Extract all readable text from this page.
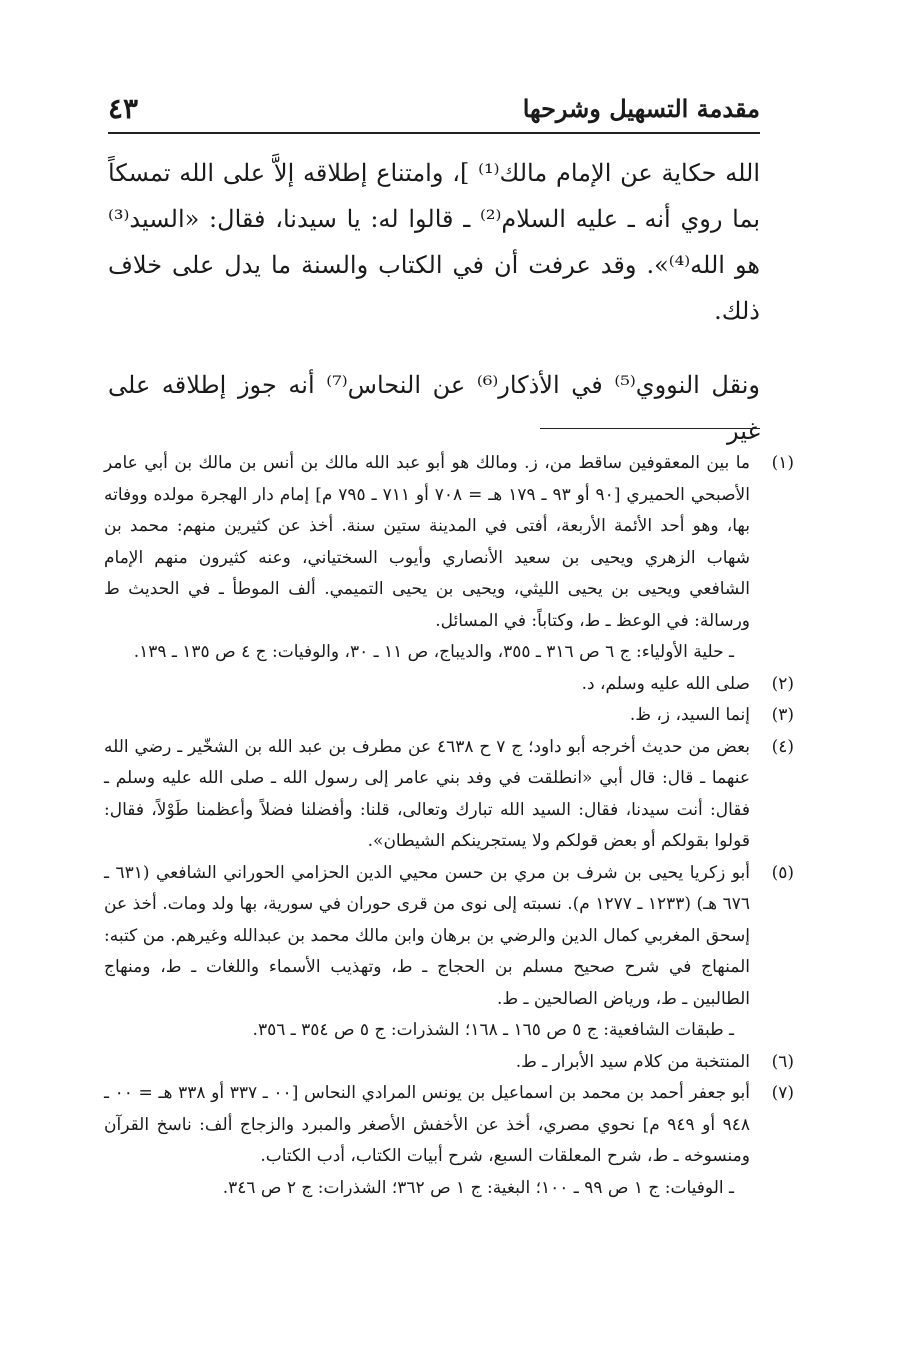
٤٣	مقدمة التسهيل وشرحها

الله حكاية عن الإمام مالك⁽¹⁾ ]، وامتناع إطلاقه إلاَّ على الله تمسكاً بما روي أنه ـ عليه السلام⁽²⁾ ـ قالوا له: يا سيدنا، فقال: «السيد⁽³⁾ هو الله⁽⁴⁾». وقد عرفت أن في الكتاب والسنة ما يدل على خلاف ذلك.

ونقل النووي⁽⁵⁾ في الأذكار⁽⁶⁾ عن النحاس⁽⁷⁾ أنه جوز إطلاقه على غير

(١)
ما بين المعقوفين ساقط من، ز. ومالك هو أبو عبد الله مالك بن أنس بن مالك بن أبي عامر الأصبحي الحميري [٩٠ أو ٩٣ ـ ١٧٩ هـ = ٧٠٨ أو ٧١١ ـ ٧٩٥ م] إمام دار الهجرة مولده ووفاته بها، وهو أحد الأئمة الأربعة، أفتى في المدينة ستين سنة. أخذ عن كثيرين منهم: محمد بن شهاب الزهري ويحيى بن سعيد الأنصاري وأيوب السختياني، وعنه كثيرون منهم الإمام الشافعي ويحيى بن يحيى الليثي، ويحيى بن يحيى التميمي. ألف الموطأ ـ في الحديث ط ورسالة: في الوعظ ـ ط، وكتاباً: في المسائل.
ـ حلية الأولياء: ج ٦ ص ٣١٦ ـ ٣٥٥، والديباج، ص ١١ ـ ٣٠، والوفيات: ج ٤ ص ١٣٥ ـ ١٣٩.
(٢)
صلى الله عليه وسلم، د.
(٣)
إنما السيد، ز، ظ.
(٤)
بعض من حديث أخرجه أبو داود؛ ج ٧ ح ٤٦٣٨ عن مطرف بن عبد الله بن الشخّير ـ رضي الله عنهما ـ قال: قال أبي «انطلقت في وفد بني عامر إلى رسول الله ـ صلى الله عليه وسلم ـ فقال: أنت سيدنا، فقال: السيد الله تبارك وتعالى، قلنا: وأفضلنا فضلاً وأعظمنا طَوْلاً، فقال: قولوا بقولكم أو بعض قولكم ولا يستجرينكم الشيطان».
(٥)
أبو زكريا يحيى بن شرف بن مري بن حسن محيي الدين الحزامي الحوراني الشافعي (٦٣١ ـ ٦٧٦ هـ) (١٢٣٣ ـ ١٢٧٧ م). نسبته إلى نوى من قرى حوران في سورية، بها ولد ومات. أخذ عن إسحق المغربي كمال الدين والرضي بن برهان وابن مالك محمد بن عبدالله وغيرهم. من كتبه: المنهاج في شرح صحيح مسلم بن الحجاج ـ ط، وتهذيب الأسماء واللغات ـ ط، ومنهاج الطالبين ـ ط، ورياض الصالحين ـ ط.
ـ طبقات الشافعية: ج ٥ ص ١٦٥ ـ ١٦٨؛ الشذرات: ج ٥ ص ٣٥٤ ـ ٣٥٦.
(٦)
المنتخبة من كلام سيد الأبرار ـ ط.
(٧)
أبو جعفر أحمد بن محمد بن اسماعيل بن يونس المرادي النحاس [٠٠ ـ ٣٣٧ أو ٣٣٨ هـ = ٠٠ ـ ٩٤٨ أو ٩٤٩ م] نحوي مصري، أخذ عن الأخفش الأصغر والمبرد والزجاج ألف: ناسخ القرآن ومنسوخه ـ ط، شرح المعلقات السبع، شرح أبيات الكتاب، أدب الكتاب.
ـ الوفيات: ج ١ ص ٩٩ ـ ١٠٠؛ البغية: ج ١ ص ٣٦٢؛ الشذرات: ج ٢ ص ٣٤٦.
